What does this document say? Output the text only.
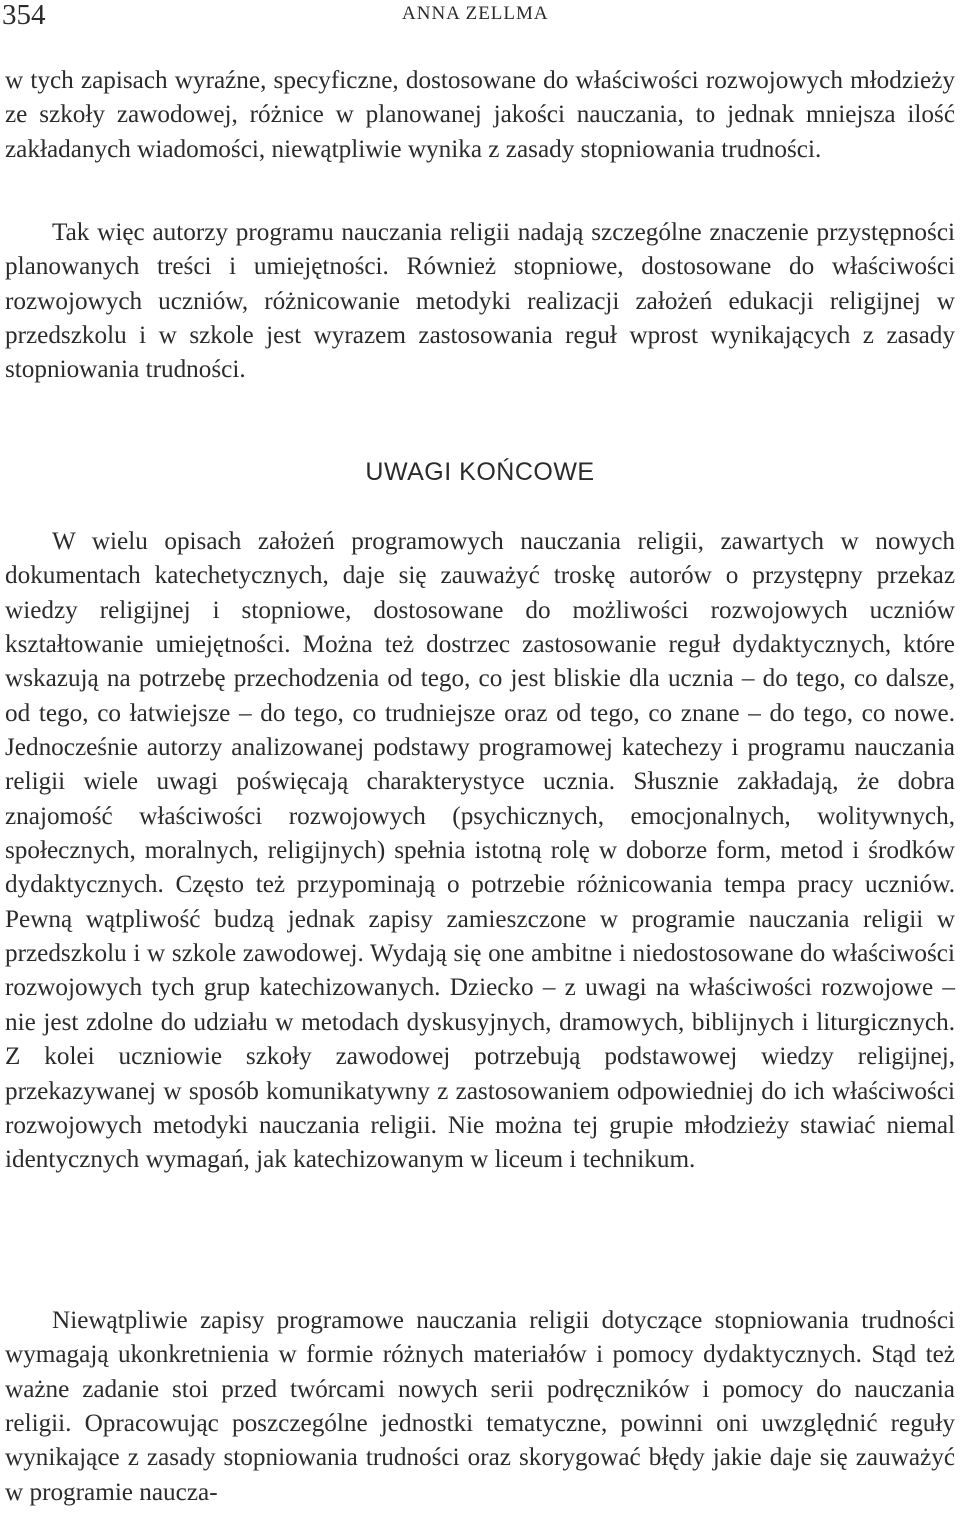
354	ANNA ZELLMA

w tych zapisach wyraźne, specyficzne, dostosowane do właściwości rozwojowych młodzieży ze szkoły zawodowej, różnice w planowanej jakości nauczania, to jednak mniejsza ilość zakładanych wiadomości, niewątpliwie wynika z zasady stopniowania trudności.

Tak więc autorzy programu nauczania religii nadają szczególne znaczenie przystępności planowanych treści i umiejętności. Również stopniowe, dostosowane do właściwości rozwojowych uczniów, różnicowanie metodyki realizacji założeń edukacji religijnej w przedszkolu i w szkole jest wyrazem zastosowania reguł wprost wynikających z zasady stopniowania trudności.

UWAGI KOŃCOWE

W wielu opisach założeń programowych nauczania religii, zawartych w nowych dokumentach katechetycznych, daje się zauważyć troskę autorów o przystępny przekaz wiedzy religijnej i stopniowe, dostosowane do możliwości rozwojowych uczniów kształtowanie umiejętności. Można też dostrzec zastosowanie reguł dydaktycznych, które wskazują na potrzebę przechodzenia od tego, co jest bliskie dla ucznia – do tego, co dalsze, od tego, co łatwiejsze – do tego, co trudniejsze oraz od tego, co znane – do tego, co nowe. Jednocześnie autorzy analizowanej podstawy programowej katechezy i programu nauczania religii wiele uwagi poświęcają charakterystyce ucznia. Słusznie zakładają, że dobra znajomość właściwości rozwojowych (psychicznych, emocjonalnych, wolitywnych, społecznych, moralnych, religijnych) spełnia istotną rolę w doborze form, metod i środków dydaktycznych. Często też przypominają o potrzebie różnicowania tempa pracy uczniów. Pewną wątpliwość budzą jednak zapisy zamieszczone w programie nauczania religii w przedszkolu i w szkole zawodowej. Wydają się one ambitne i niedostosowane do właściwości rozwojowych tych grup katechizowanych. Dziecko – z uwagi na właściwości rozwojowe – nie jest zdolne do udziału w metodach dyskusyjnych, dramowych, biblijnych i liturgicznych. Z kolei uczniowie szkoły zawodowej potrzebują podstawowej wiedzy religijnej, przekazywanej w sposób komunikatywny z zastosowaniem odpowiedniej do ich właściwości rozwojowych metodyki nauczania religii. Nie można tej grupie młodzieży stawiać niemal identycznych wymagań, jak katechizowanym w liceum i technikum.

Niewątpliwie zapisy programowe nauczania religii dotyczące stopniowania trudności wymagają ukonkretnienia w formie różnych materiałów i pomocy dydaktycznych. Stąd też ważne zadanie stoi przed twórcami nowych serii podręczników i pomocy do nauczania religii. Opracowując poszczególne jednostki tematyczne, powinni oni uwzględnić reguły wynikające z zasady stopniowania trudności oraz skorygować błędy jakie daje się zauważyć w programie naucza-
